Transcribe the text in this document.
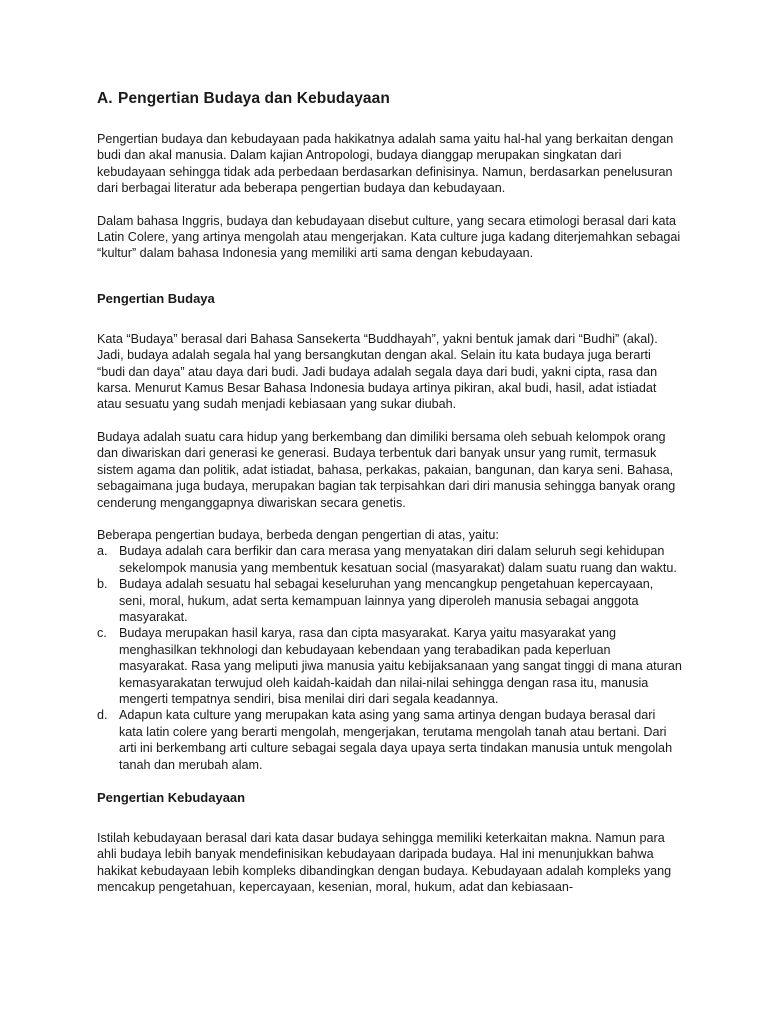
A. Pengertian Budaya dan Kebudayaan

Pengertian budaya dan kebudayaan pada hakikatnya adalah sama yaitu hal-hal yang berkaitan dengan budi dan akal manusia. Dalam kajian Antropologi, budaya dianggap merupakan singkatan dari kebudayaan sehingga tidak ada perbedaan berdasarkan definisinya. Namun, berdasarkan penelusuran dari berbagai literatur ada beberapa pengertian budaya dan kebudayaan.

Dalam bahasa Inggris, budaya dan kebudayaan disebut culture, yang secara etimologi berasal dari kata Latin Colere, yang artinya mengolah atau mengerjakan. Kata culture juga kadang diterjemahkan sebagai “kultur” dalam bahasa Indonesia yang memiliki arti sama dengan kebudayaan.

Pengertian Budaya

Kata “Budaya” berasal dari Bahasa Sansekerta “Buddhayah”, yakni bentuk jamak dari “Budhi” (akal). Jadi, budaya adalah segala hal yang bersangkutan dengan akal. Selain itu kata budaya juga berarti “budi dan daya” atau daya dari budi. Jadi budaya adalah segala daya dari budi, yakni cipta, rasa dan karsa. Menurut Kamus Besar Bahasa Indonesia budaya artinya pikiran, akal budi, hasil, adat istiadat atau sesuatu yang sudah menjadi kebiasaan yang sukar diubah.

Budaya adalah suatu cara hidup yang berkembang dan dimiliki bersama oleh sebuah kelompok orang dan diwariskan dari generasi ke generasi. Budaya terbentuk dari banyak unsur yang rumit, termasuk sistem agama dan politik, adat istiadat, bahasa, perkakas, pakaian, bangunan, dan karya seni. Bahasa, sebagaimana juga budaya, merupakan bagian tak terpisahkan dari diri manusia sehingga banyak orang cenderung menganggapnya diwariskan secara genetis.

Beberapa pengertian budaya, berbeda dengan pengertian di atas, yaitu:

a. Budaya adalah cara berfikir dan cara merasa yang menyatakan diri dalam seluruh segi kehidupan sekelompok manusia yang membentuk kesatuan social (masyarakat) dalam suatu ruang dan waktu.
b. Budaya adalah sesuatu hal sebagai keseluruhan yang mencangkup pengetahuan kepercayaan, seni, moral, hukum, adat serta kemampuan lainnya yang diperoleh manusia sebagai anggota masyarakat.
c. Budaya merupakan hasil karya, rasa dan cipta masyarakat. Karya yaitu masyarakat yang menghasilkan tekhnologi dan kebudayaan kebendaan yang terabadikan pada keperluan masyarakat. Rasa yang meliputi jiwa manusia yaitu kebijaksanaan yang sangat tinggi di mana aturan kemasyarakatan terwujud oleh kaidah-kaidah dan nilai-nilai sehingga dengan rasa itu, manusia mengerti tempatnya sendiri, bisa menilai diri dari segala keadannya.
d. Adapun kata culture yang merupakan kata asing yang sama artinya dengan budaya berasal dari kata latin colere yang berarti mengolah, mengerjakan, terutama mengolah tanah atau bertani. Dari arti ini berkembang arti culture sebagai segala daya upaya serta tindakan manusia untuk mengolah tanah dan merubah alam.
Pengertian Kebudayaan

Istilah kebudayaan berasal dari kata dasar budaya sehingga memiliki keterkaitan makna. Namun para ahli budaya lebih banyak mendefinisikan kebudayaan daripada budaya. Hal ini menunjukkan bahwa hakikat kebudayaan lebih kompleks dibandingkan dengan budaya. Kebudayaan adalah kompleks yang mencakup pengetahuan, kepercayaan, kesenian, moral, hukum, adat dan kebiasaan-
